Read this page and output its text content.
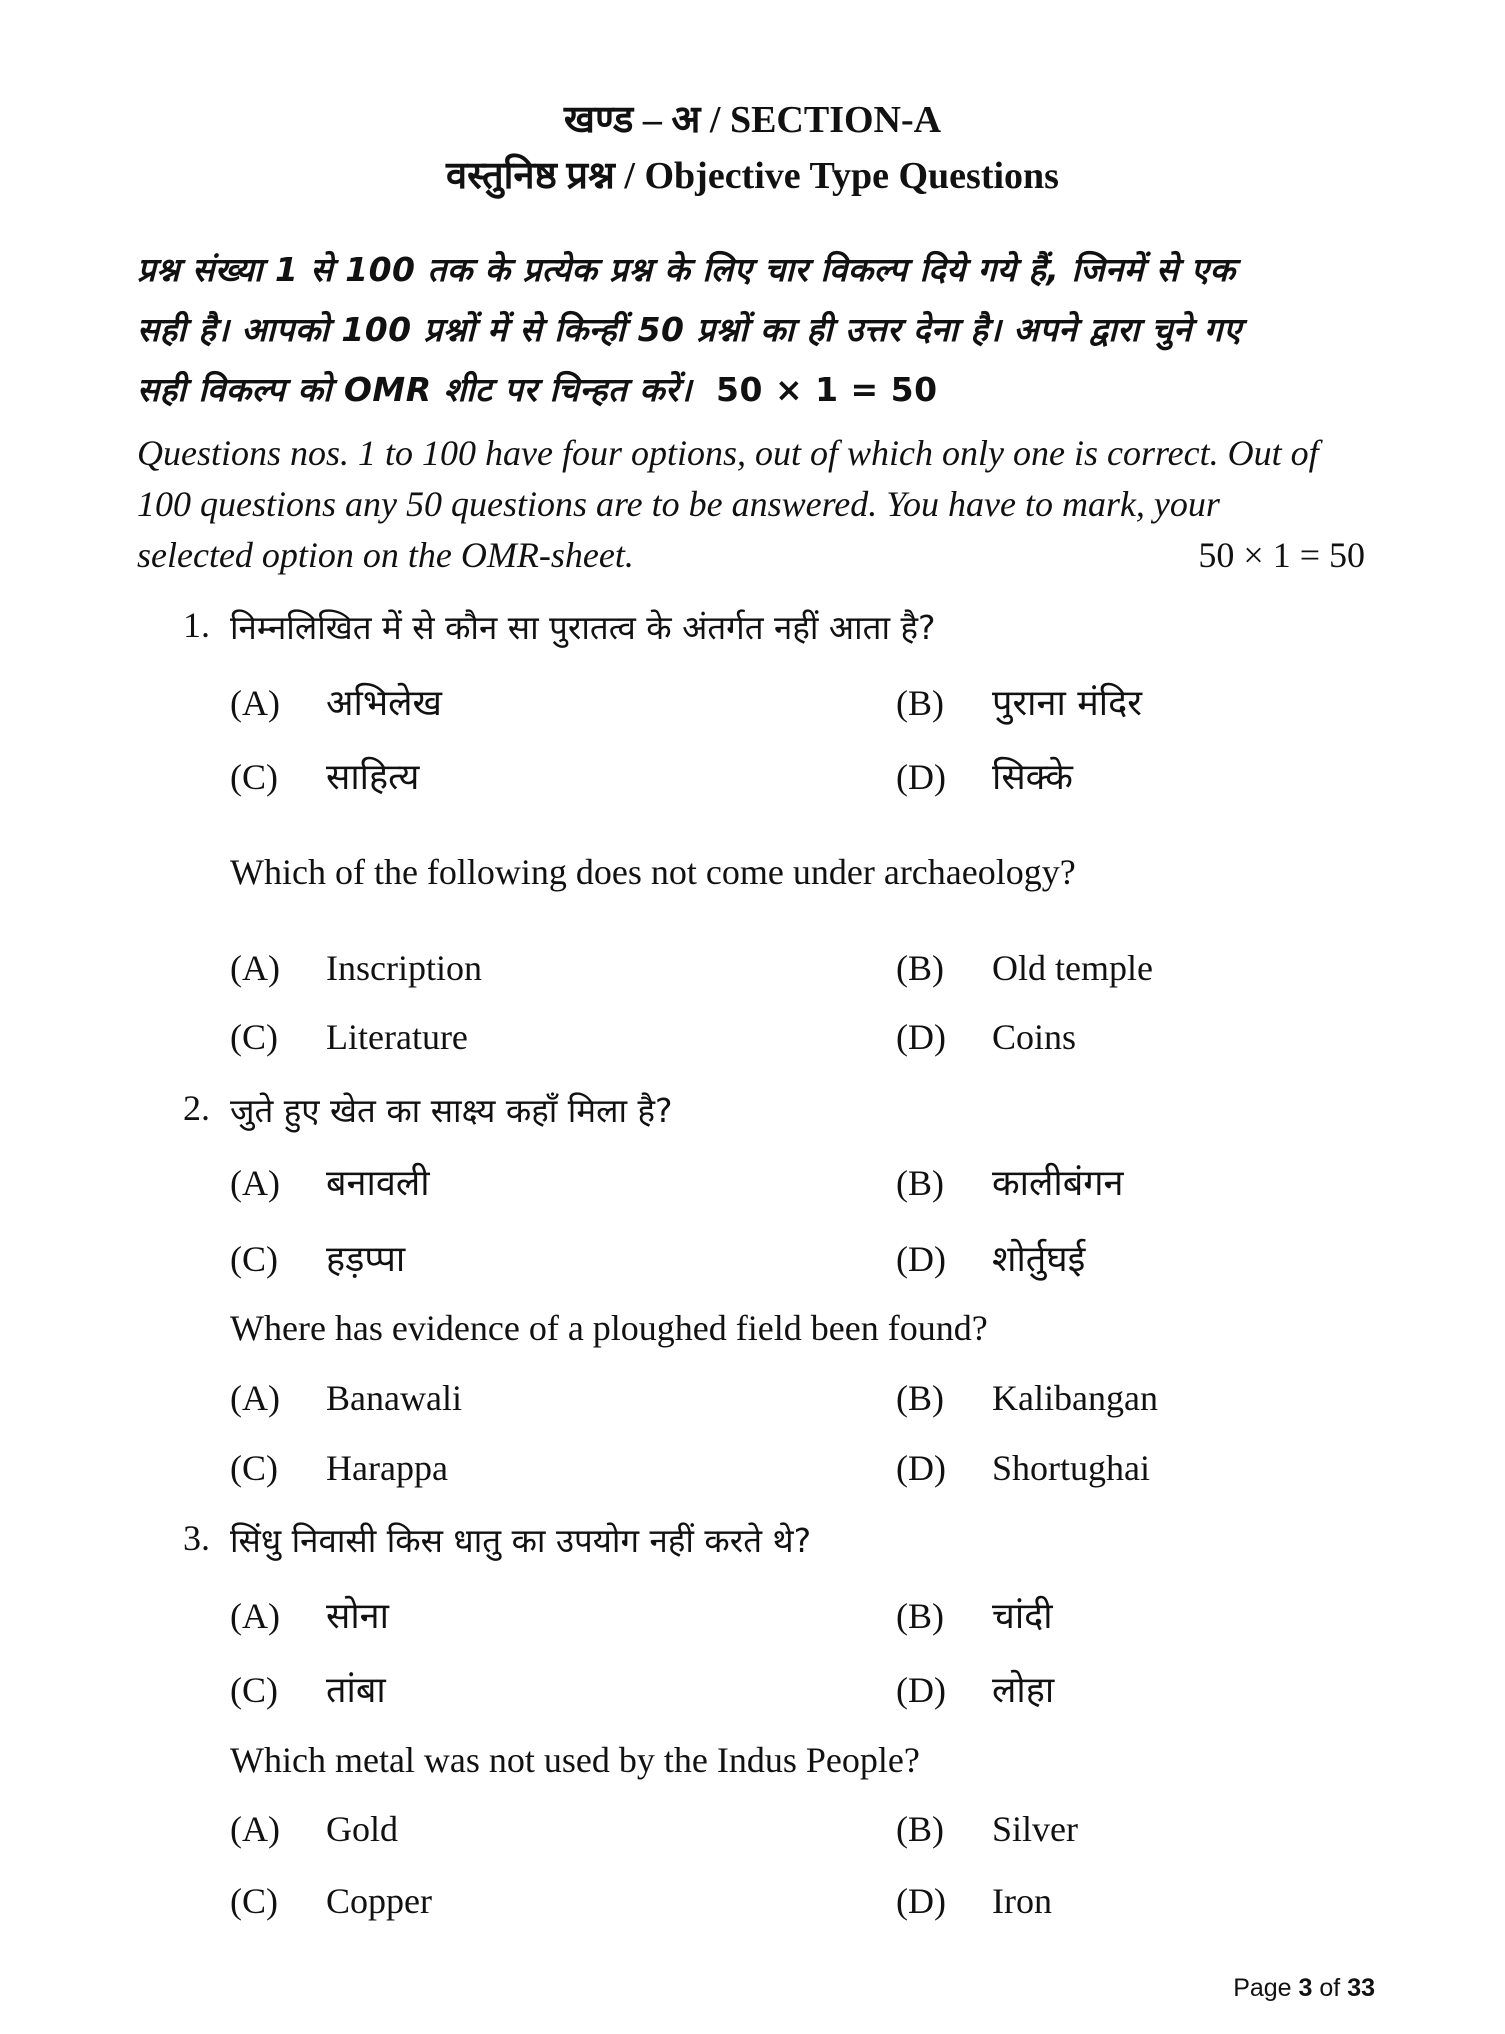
खण्ड – अ / SECTION-A
वस्तुनिष्ठ प्रश्न / Objective Type Questions
प्रश्न संख्या 1 से 100 तक के प्रत्येक प्रश्न के लिए चार विकल्प दिये गये हैं, जिनमें से एक
सही है। आपको 100 प्रश्नों में से किन्हीं 50 प्रश्नों का ही उत्तर देना है। अपने द्वारा चुने गए
सही विकल्प को OMR शीट पर चिन्हत करें। 50 × 1 = 50
Questions nos. 1 to 100 have four options, out of which only one is correct. Out of
100 questions any 50 questions are to be answered. You have to mark, your
selected option on the OMR-sheet.	50 × 1 = 50
1. निम्नलिखित में से कौन सा पुरातत्व के अंतर्गत नहीं आता है?
(A) अभिलेख	(B) पुराना मंदिर
(C) साहित्य	(D) सिक्के
Which of the following does not come under archaeology?
(A) Inscription	(B) Old temple
(C) Literature	(D) Coins
2. जुते हुए खेत का साक्ष्य कहाँ मिला है?
(A) बनावली	(B) कालीबंगन
(C) हड़प्पा	(D) शोर्तुघई
Where has evidence of a ploughed field been found?
(A) Banawali	(B) Kalibangan
(C) Harappa	(D) Shortughai
3. सिंधु निवासी किस धातु का उपयोग नहीं करते थे?
(A) सोना	(B) चांदी
(C) तांबा	(D) लोहा
Which metal was not used by the Indus People?
(A) Gold	(B) Silver
(C) Copper	(D) Iron
Page 3 of 33
